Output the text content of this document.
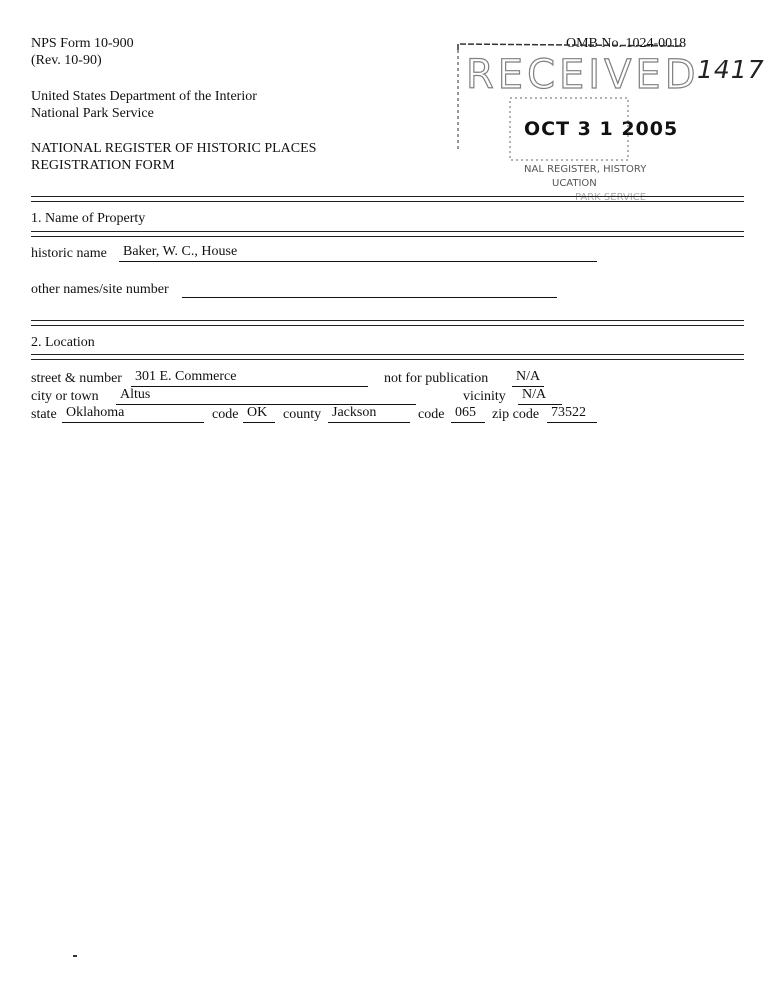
NPS Form 10-900
(Rev. 10-90)
United States Department of the Interior
National Park Service
NATIONAL REGISTER OF HISTORIC PLACES
REGISTRATION FORM
OMB No. 1024-0018
RECEIVED
OCT 3 1 2005
NAL REGISTER, HISTORY
UCATION
PARK SERVICE
1417
1. Name of Property
historic name Baker, W. C., House
other names/site number
2. Location
street & number 301 E. Commerce	not for publication N/A
city or town Altus	vicinity N/A
state Oklahoma	code OK	county Jackson	code 065	zip code 73522
